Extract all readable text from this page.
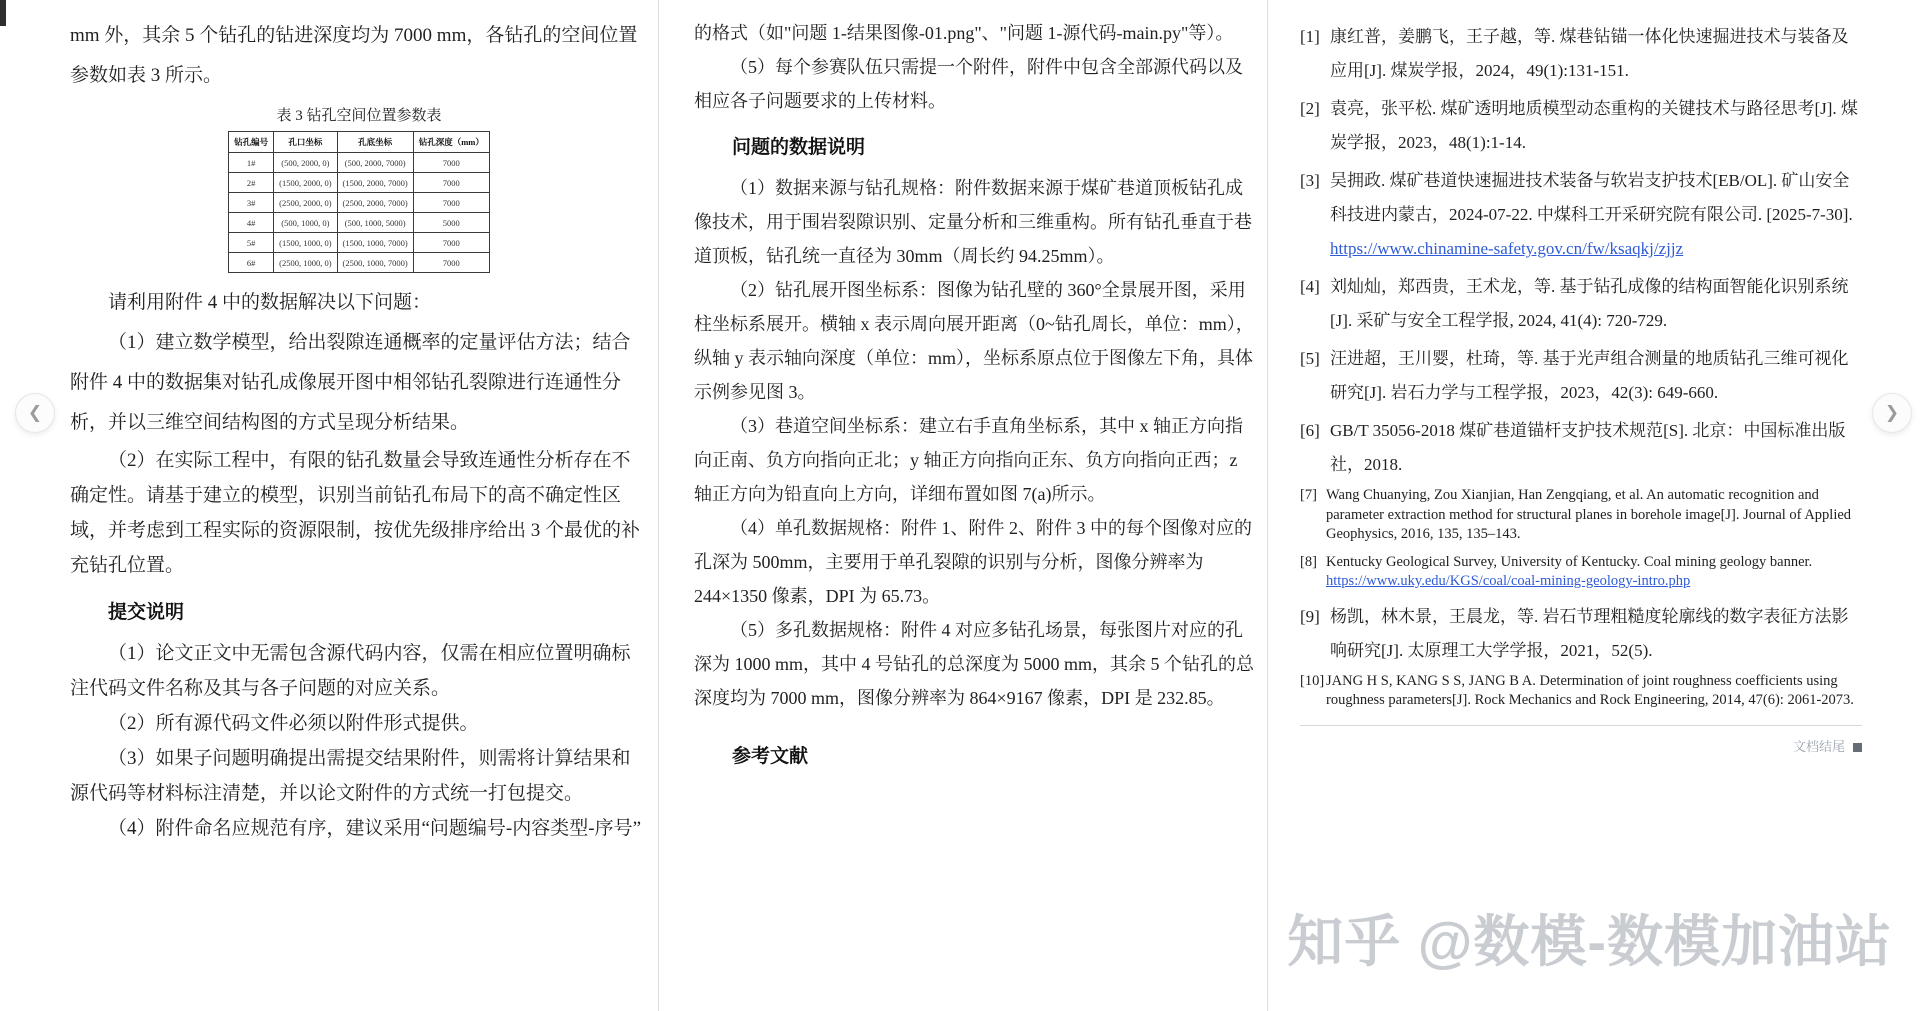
mm 外，其余 5 个钻孔的钻进深度均为 7000 mm，各钻孔的空间位置参数如表 3 所示。

表 3 钻孔空间位置参数表
钻孔编号	孔口坐标	孔底坐标	钻孔深度（mm）
1#	(500, 2000, 0)	(500, 2000, 7000)	7000
2#	(1500, 2000, 0)	(1500, 2000, 7000)	7000
3#	(2500, 2000, 0)	(2500, 2000, 7000)	7000
4#	(500, 1000, 0)	(500, 1000, 5000)	5000
5#	(1500, 1000, 0)	(1500, 1000, 7000)	7000
6#	(2500, 1000, 0)	(2500, 1000, 7000)	7000

请利用附件 4 中的数据解决以下问题：

（1）建立数学模型，给出裂隙连通概率的定量评估方法；结合附件 4 中的数据集对钻孔成像展开图中相邻钻孔裂隙进行连通性分析，并以三维空间结构图的方式呈现分析结果。

（2）在实际工程中，有限的钻孔数量会导致连通性分析存在不确定性。请基于建立的模型，识别当前钻孔布局下的高不确定性区域，并考虑到工程实际的资源限制，按优先级排序给出 3 个最优的补充钻孔位置。

提交说明

（1）论文正文中无需包含源代码内容，仅需在相应位置明确标注代码文件名称及其与各子问题的对应关系。

（2）所有源代码文件必须以附件形式提供。

（3）如果子问题明确提出需提交结果附件，则需将计算结果和源代码等材料标注清楚，并以论文附件的方式统一打包提交。

（4）附件命名应规范有序，建议采用“问题编号-内容类型-序号”

的格式（如"问题 1-结果图像-01.png"、"问题 1-源代码-main.py"等）。

（5）每个参赛队伍只需提一个附件，附件中包含全部源代码以及相应各子问题要求的上传材料。

问题的数据说明

（1）数据来源与钻孔规格：附件数据来源于煤矿巷道顶板钻孔成像技术，用于围岩裂隙识别、定量分析和三维重构。所有钻孔垂直于巷道顶板，钻孔统一直径为 30mm（周长约 94.25mm）。

（2）钻孔展开图坐标系：图像为钻孔壁的 360°全景展开图，采用柱坐标系展开。横轴 x 表示周向展开距离（0~钻孔周长，单位：mm），纵轴 y 表示轴向深度（单位：mm），坐标系原点位于图像左下角，具体示例参见图 3。

（3）巷道空间坐标系：建立右手直角坐标系，其中 x 轴正方向指向正南、负方向指向正北；y 轴正方向指向正东、负方向指向正西；z 轴正方向为铅直向上方向，详细布置如图 7(a)所示。

（4）单孔数据规格：附件 1、附件 2、附件 3 中的每个图像对应的孔深为 500mm，主要用于单孔裂隙的识别与分析，图像分辨率为 244×1350 像素，DPI 为 65.73。

（5）多孔数据规格：附件 4 对应多钻孔场景，每张图片对应的孔深为 1000 mm，其中 4 号钻孔的总深度为 5000 mm，其余 5 个钻孔的总深度均为 7000 mm，图像分辨率为 864×9167 像素，DPI 是 232.85。

参考文献
[1] 康红普，姜鹏飞，王子越，等. 煤巷钻锚一体化快速掘进技术与装备及应用[J]. 煤炭学报，2024，49(1):131-151.
[2] 袁亮，张平松. 煤矿透明地质模型动态重构的关键技术与路径思考[J]. 煤炭学报，2023，48(1):1-14.
[3] 吴拥政. 煤矿巷道快速掘进技术装备与软岩支护技术[EB/OL]. 矿山安全科技进内蒙古，2024-07-22. 中煤科工开采研究院有限公司. [2025-7-30].
https://www.chinamine-safety.gov.cn/fw/ksaqkj/zjjz
[4] 刘灿灿，郑西贵，王术龙，等. 基于钻孔成像的结构面智能化识别系统[J]. 采矿与安全工程学报, 2024, 41(4): 720-729.
[5] 汪进超，王川婴，杜琦，等. 基于光声组合测量的地质钻孔三维可视化研究[J]. 岩石力学与工程学报，2023，42(3): 649-660.
[6] GB/T 35056-2018 煤矿巷道锚杆支护技术规范[S]. 北京：中国标准出版社，2018.
[7] Wang Chuanying, Zou Xianjian, Han Zengqiang, et al. An automatic recognition and parameter extraction method for structural planes in borehole image[J]. Journal of Applied Geophysics, 2016, 135, 135–143.
[8] Kentucky Geological Survey, University of Kentucky. Coal mining geology banner.
https://www.uky.edu/KGS/coal/coal-mining-geology-intro.php
[9] 杨凯，林木景，王晨龙，等. 岩石节理粗糙度轮廓线的数字表征方法影响研究[J]. 太原理工大学学报，2021，52(5).
[10] JANG H S, KANG S S, JANG B A. Determination of joint roughness coefficients using roughness parameters[J]. Rock Mechanics and Rock Engineering, 2014, 47(6): 2061-2073.
文档结尾
❮	❯
知乎 @数模-数模加油站
